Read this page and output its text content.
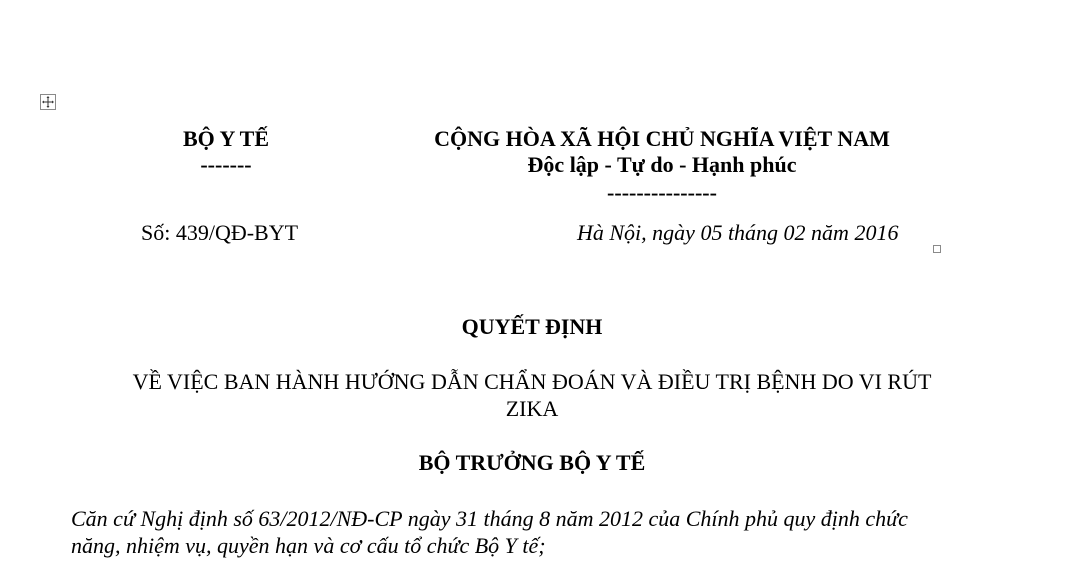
BỘ Y TẾ
-------
CỘNG HÒA XÃ HỘI CHỦ NGHĨA VIỆT NAM
Độc lập - Tự do - Hạnh phúc
---------------
Số: 439/QĐ-BYT	Hà Nội, ngày 05 tháng 02 năm 2016
QUYẾT ĐỊNH
VỀ VIỆC BAN HÀNH HƯỚNG DẪN CHẨN ĐOÁN VÀ ĐIỀU TRỊ BỆNH DO VI RÚT
ZIKA
BỘ TRƯỞNG BỘ Y TẾ
Căn cứ Nghị định số 63/2012/NĐ-CP ngày 31 tháng 8 năm 2012 của Chính phủ quy định chức
năng, nhiệm vụ, quyền hạn và cơ cấu tổ chức Bộ Y tế;
